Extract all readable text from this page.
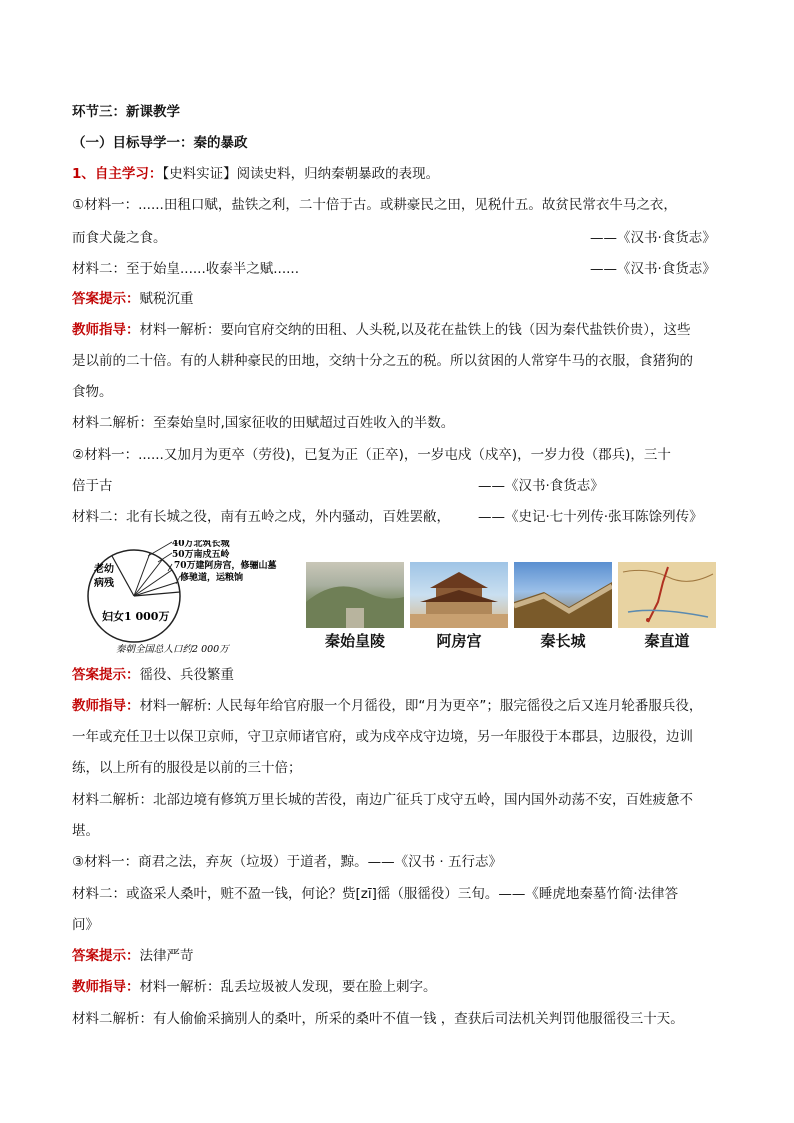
环节三：新课教学
（一）目标导学一：秦的暴政
1、自主学习：【史料实证】阅读史料，归纳秦朝暴政的表现。
①材料一：......田租口赋，盐铁之利，二十倍于古。或耕豪民之田，见税什五。故贫民常衣牛马之衣，
而食犬彘之食。	——《汉书·食货志》
材料二：至于始皇......收泰半之赋......	——《汉书·食货志》
答案提示：赋税沉重
教师指导：材料一解析：要向官府交纳的田租、人头税,以及花在盐铁上的钱（因为秦代盐铁价贵），这些
是以前的二十倍。有的人耕种豪民的田地，交纳十分之五的税。所以贫困的人常穿牛马的衣服，食猪狗的
食物。
材料二解析：至秦始皇时,国家征收的田赋超过百姓收入的半数。
②材料一：......又加月为更卒（劳役)，已复为正（正卒)，一岁屯戍（戍卒)，一岁力役（郡兵)，三十
倍于古	——《汉书·食货志》
材料二：北有长城之役，南有五岭之戍，外内骚动，百姓罢敝， ——《史记·七十列传·张耳陈馀列传》
40万北筑长城
50万南戍五岭
70万建阿房宫，修骊山墓
修驰道，运粮饷
老幼
病残
妇女1 000万
秦朝全国总人口约2 000万	秦始皇陵	阿房宫	秦长城	秦直道
答案提示：徭役、兵役繁重
教师指导：材料一解析: 人民每年给官府服一个月徭役，即“月为更卒”；服完徭役之后又连月轮番服兵役，
一年或充任卫士以保卫京师，守卫京师诸官府，或为戍卒戍守边境，另一年服役于本郡县，边服役，边训
练，以上所有的服役是以前的三十倍；
材料二解析：北部边境有修筑万里长城的苦役，南边广征兵丁戍守五岭，国内国外动荡不安，百姓疲惫不
堪。
③材料一：商君之法，弃灰（垃圾）于道者，黥。——《汉书 · 五行志》
材料二：或盗采人桑叶，赃不盈一钱，何论？赀[zī]徭（服徭役）三旬。——《睡虎地秦墓竹简·法律答
问》
答案提示：法律严苛
教师指导：材料一解析：乱丢垃圾被人发现，要在脸上刺字。
材料二解析：有人偷偷采摘别人的桑叶，所采的桑叶不值一钱 ，查获后司法机关判罚他服徭役三十天。
